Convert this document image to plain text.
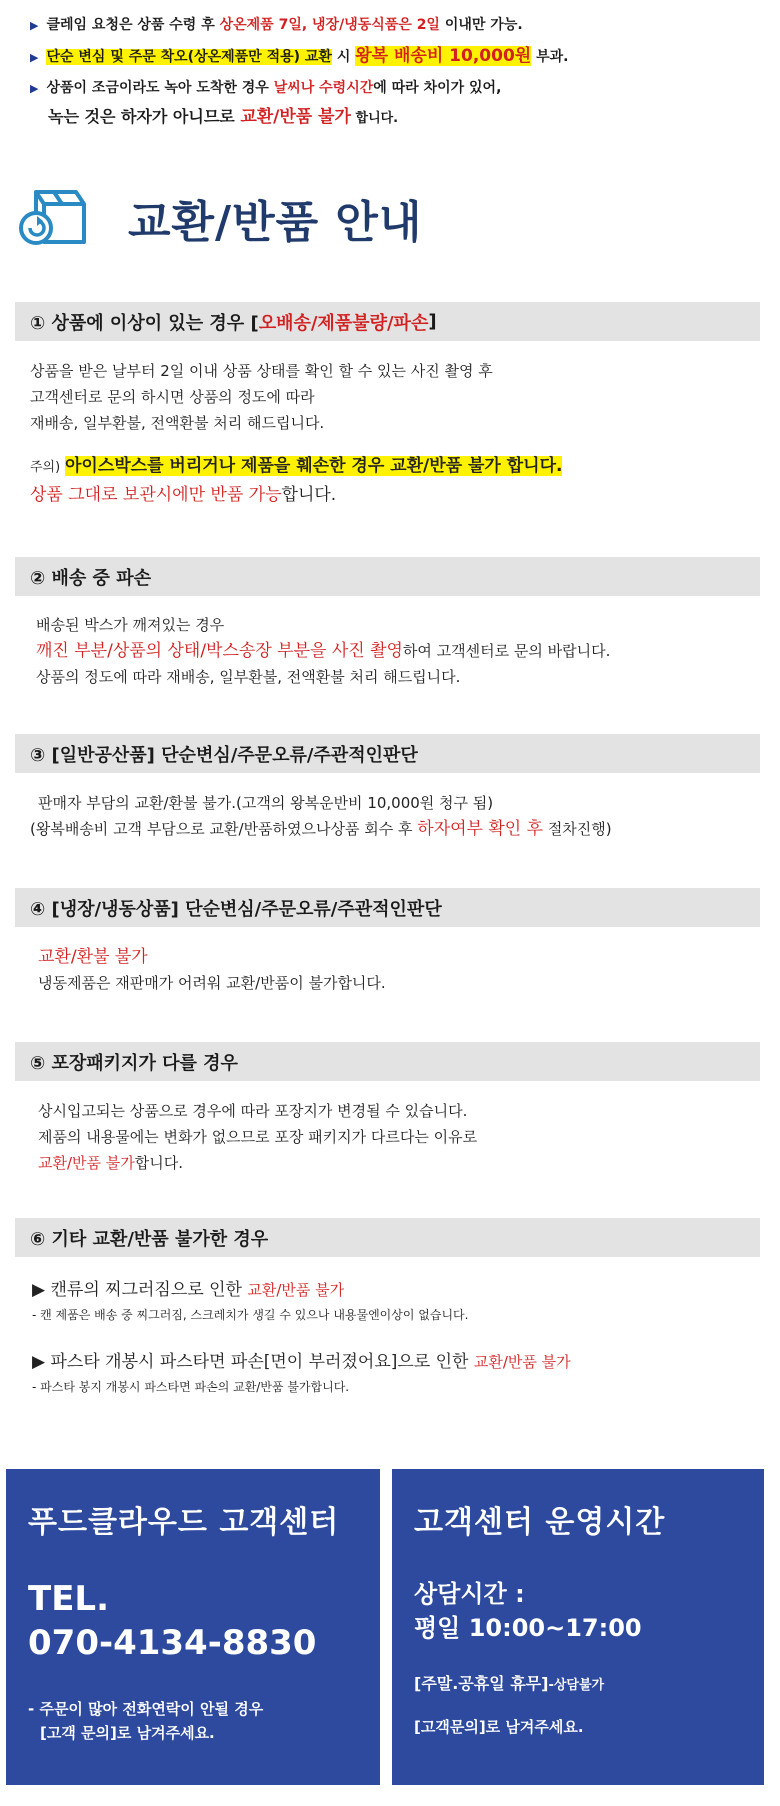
▶ 클레임 요청은 상품 수령 후 상온제품 7일, 냉장/냉동식품은 2일 이내만 가능.
▶ 단순 변심 및 주문 착오(상온제품만 적용) 교환 시 왕복 배송비 10,000원 부과.
▶ 상품이 조금이라도 녹아 도착한 경우 날씨나 수령시간에 따라 차이가 있어,
녹는 것은 하자가 아니므로 교환/반품 불가 합니다.
교환/반품 안내
① 상품에 이상이 있는 경우 [ 오배송/제품불량/파손 ]
상품을 받은 날부터 2일 이내 상품 상태를 확인 할 수 있는 사진 촬영 후
고객센터로 문의 하시면 상품의 정도에 따라
재배송, 일부환불, 전액환불 처리 해드립니다.
주의) 아이스박스를 버리거나 제품을 훼손한 경우 교환/반품 불가 합니다.
상품 그대로 보관시에만 반품 가능합니다.
② 배송 중 파손
배송된 박스가 깨져있는 경우
깨진 부분/상품의 상태/박스송장 부분을 사진 촬영하여 고객센터로 문의 바랍니다.
상품의 정도에 따라 재배송, 일부환불, 전액환불 처리 해드립니다.
③ [일반공산품] 단순변심/주문오류/주관적인판단
판매자 부담의 교환/환불 불가.(고객의 왕복운반비 10,000원 청구 됨)
(왕복배송비 고객 부담으로 교환/반품하였으나상품 회수 후 하자여부 확인 후 절차진행)
④ [냉장/냉동상품] 단순변심/주문오류/주관적인판단
교환/환불 불가
냉동제품은 재판매가 어려워 교환/반품이 불가합니다.
⑤ 포장패키지가 다를 경우
상시입고되는 상품으로 경우에 따라 포장지가 변경될 수 있습니다.
제품의 내용물에는 변화가 없으므로 포장 패키지가 다르다는 이유로
교환/반품 불가합니다.
⑥ 기타 교환/반품 불가한 경우
▶ 캔류의 찌그러짐으로 인한 교환/반품 불가
- 캔 제품은 배송 중 찌그러짐, 스크레치가 생길 수 있으나 내용물엔이상이 없습니다.
▶ 파스타 개봉시 파스타면 파손[면이 부러졌어요]으로 인한 교환/반품 불가
- 파스타 봉지 개봉시 파스타면 파손의 교환/반품 불가합니다.
푸드클라우드 고객센터
TEL.
070-4134-8830
- 주문이 많아 전화연락이 안될 경우
[고객 문의]로 남겨주세요.
고객센터 운영시간
상담시간 :
평일 10:00~17:00
[주말.공휴일 휴무]-상담불가
[고객문의]로 남겨주세요.
